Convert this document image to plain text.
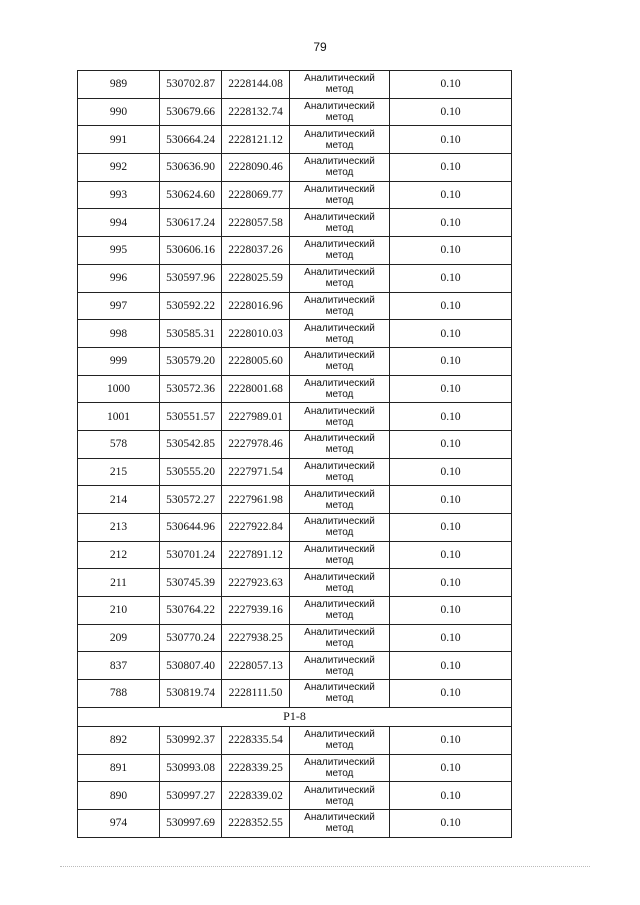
79
989	530702.87	2228144.08	Аналитический метод	0.10
990	530679.66	2228132.74	Аналитический метод	0.10
991	530664.24	2228121.12	Аналитический метод	0.10
992	530636.90	2228090.46	Аналитический метод	0.10
993	530624.60	2228069.77	Аналитический метод	0.10
994	530617.24	2228057.58	Аналитический метод	0.10
995	530606.16	2228037.26	Аналитический метод	0.10
996	530597.96	2228025.59	Аналитический метод	0.10
997	530592.22	2228016.96	Аналитический метод	0.10
998	530585.31	2228010.03	Аналитический метод	0.10
999	530579.20	2228005.60	Аналитический метод	0.10
1000	530572.36	2228001.68	Аналитический метод	0.10
1001	530551.57	2227989.01	Аналитический метод	0.10
578	530542.85	2227978.46	Аналитический метод	0.10
215	530555.20	2227971.54	Аналитический метод	0.10
214	530572.27	2227961.98	Аналитический метод	0.10
213	530644.96	2227922.84	Аналитический метод	0.10
212	530701.24	2227891.12	Аналитический метод	0.10
211	530745.39	2227923.63	Аналитический метод	0.10
210	530764.22	2227939.16	Аналитический метод	0.10
209	530770.24	2227938.25	Аналитический метод	0.10
837	530807.40	2228057.13	Аналитический метод	0.10
788	530819.74	2228111.50	Аналитический метод	0.10
Р1-8				
892	530992.37	2228335.54	Аналитический метод	0.10
891	530993.08	2228339.25	Аналитический метод	0.10
890	530997.27	2228339.02	Аналитический метод	0.10
974	530997.69	2228352.55	Аналитический метод	0.10
